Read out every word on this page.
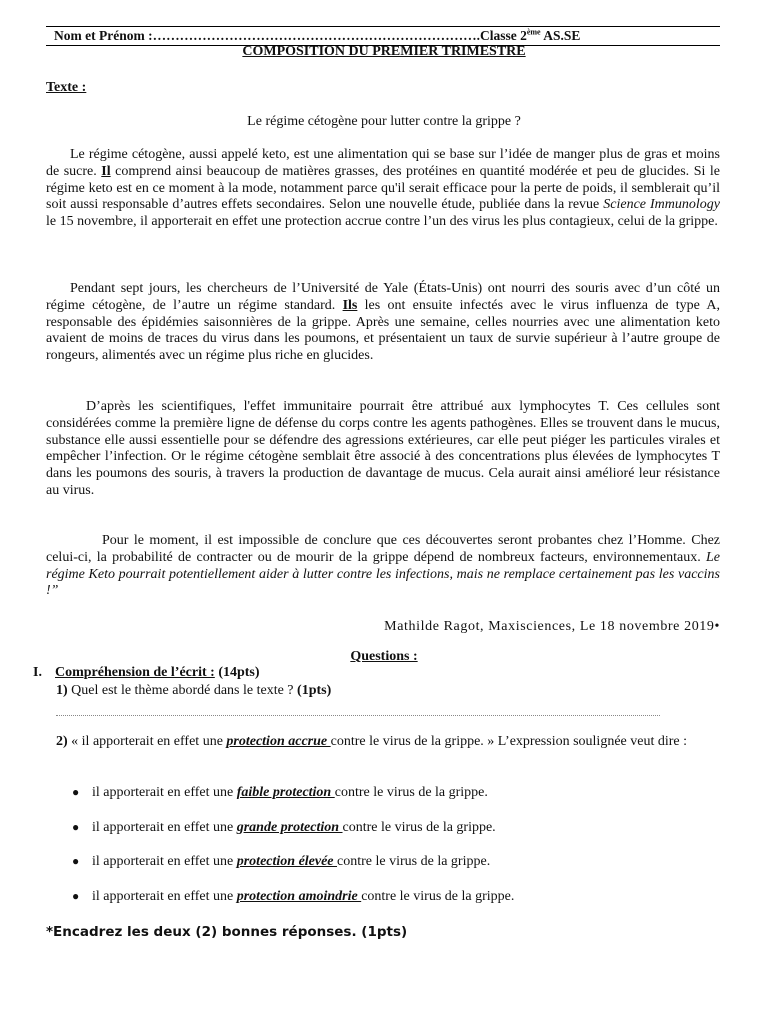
Nom et Prénom :……………………………………………………………….Classe 2ème AS.SE
COMPOSITION DU PREMIER TRIMESTRE
Texte :
Le régime cétogène pour lutter contre la grippe ?

Le régime cétogène, aussi appelé keto, est une alimentation qui se base sur l’idée de manger plus de gras et moins de sucre. Il comprend ainsi beaucoup de matières grasses, des protéines en quantité modérée et peu de glucides. Si le régime keto est en ce moment à la mode, notamment parce qu'il serait efficace pour la perte de poids, il semblerait qu’il soit aussi responsable d’autres effets secondaires. Selon une nouvelle étude, publiée dans la revue Science Immunology le 15 novembre, il apporterait en effet une protection accrue contre l’un des virus les plus contagieux, celui de la grippe.

Pendant sept jours, les chercheurs de l’Université de Yale (États-Unis) ont nourri des souris avec d’un côté un régime cétogène, de l’autre un régime standard. Ils les ont ensuite infectés avec le virus influenza de type A, responsable des épidémies saisonnières de la grippe. Après une semaine, celles nourries avec une alimentation keto avaient de moins de traces du virus dans les poumons, et présentaient un taux de survie supérieur à l’autre groupe de rongeurs, alimentés avec un régime plus riche en glucides.

D’après les scientifiques, l'effet immunitaire pourrait être attribué aux lymphocytes T. Ces cellules sont considérées comme la première ligne de défense du corps contre les agents pathogènes. Elles se trouvent dans le mucus, substance elle aussi essentielle pour se défendre des agressions extérieures, car elle peut piéger les particules virales et empêcher l’infection. Or le régime cétogène semblait être associé à des concentrations plus élevées de lymphocytes T dans les poumons des souris, à travers la production de davantage de mucus. Cela aurait ainsi amélioré leur résistance au virus.

Pour le moment, il est impossible de conclure que ces découvertes seront probantes chez l’Homme. Chez celui-ci, la probabilité de contracter ou de mourir de la grippe dépend de nombreux facteurs, environnementaux. Le régime Keto pourrait potentiellement aider à lutter contre les infections, mais ne remplace certainement pas les vaccins !”

Mathilde Ragot, Maxisciences, Le 18 novembre 2019•
Questions :
I. Compréhension de l’écrit : (14pts)
1) Quel est le thème abordé dans le texte ? (1pts)
2) « il apporterait en effet une protection accrue contre le virus de la grippe. » L’expression soulignée veut dire :
● il apporterait en effet une faible protection contre le virus de la grippe.
● il apporterait en effet une grande protection contre le virus de la grippe.
● il apporterait en effet une protection élevée contre le virus de la grippe.
● il apporterait en effet une protection amoindrie contre le virus de la grippe.
*Encadrez les deux (2) bonnes réponses. (1pts)
